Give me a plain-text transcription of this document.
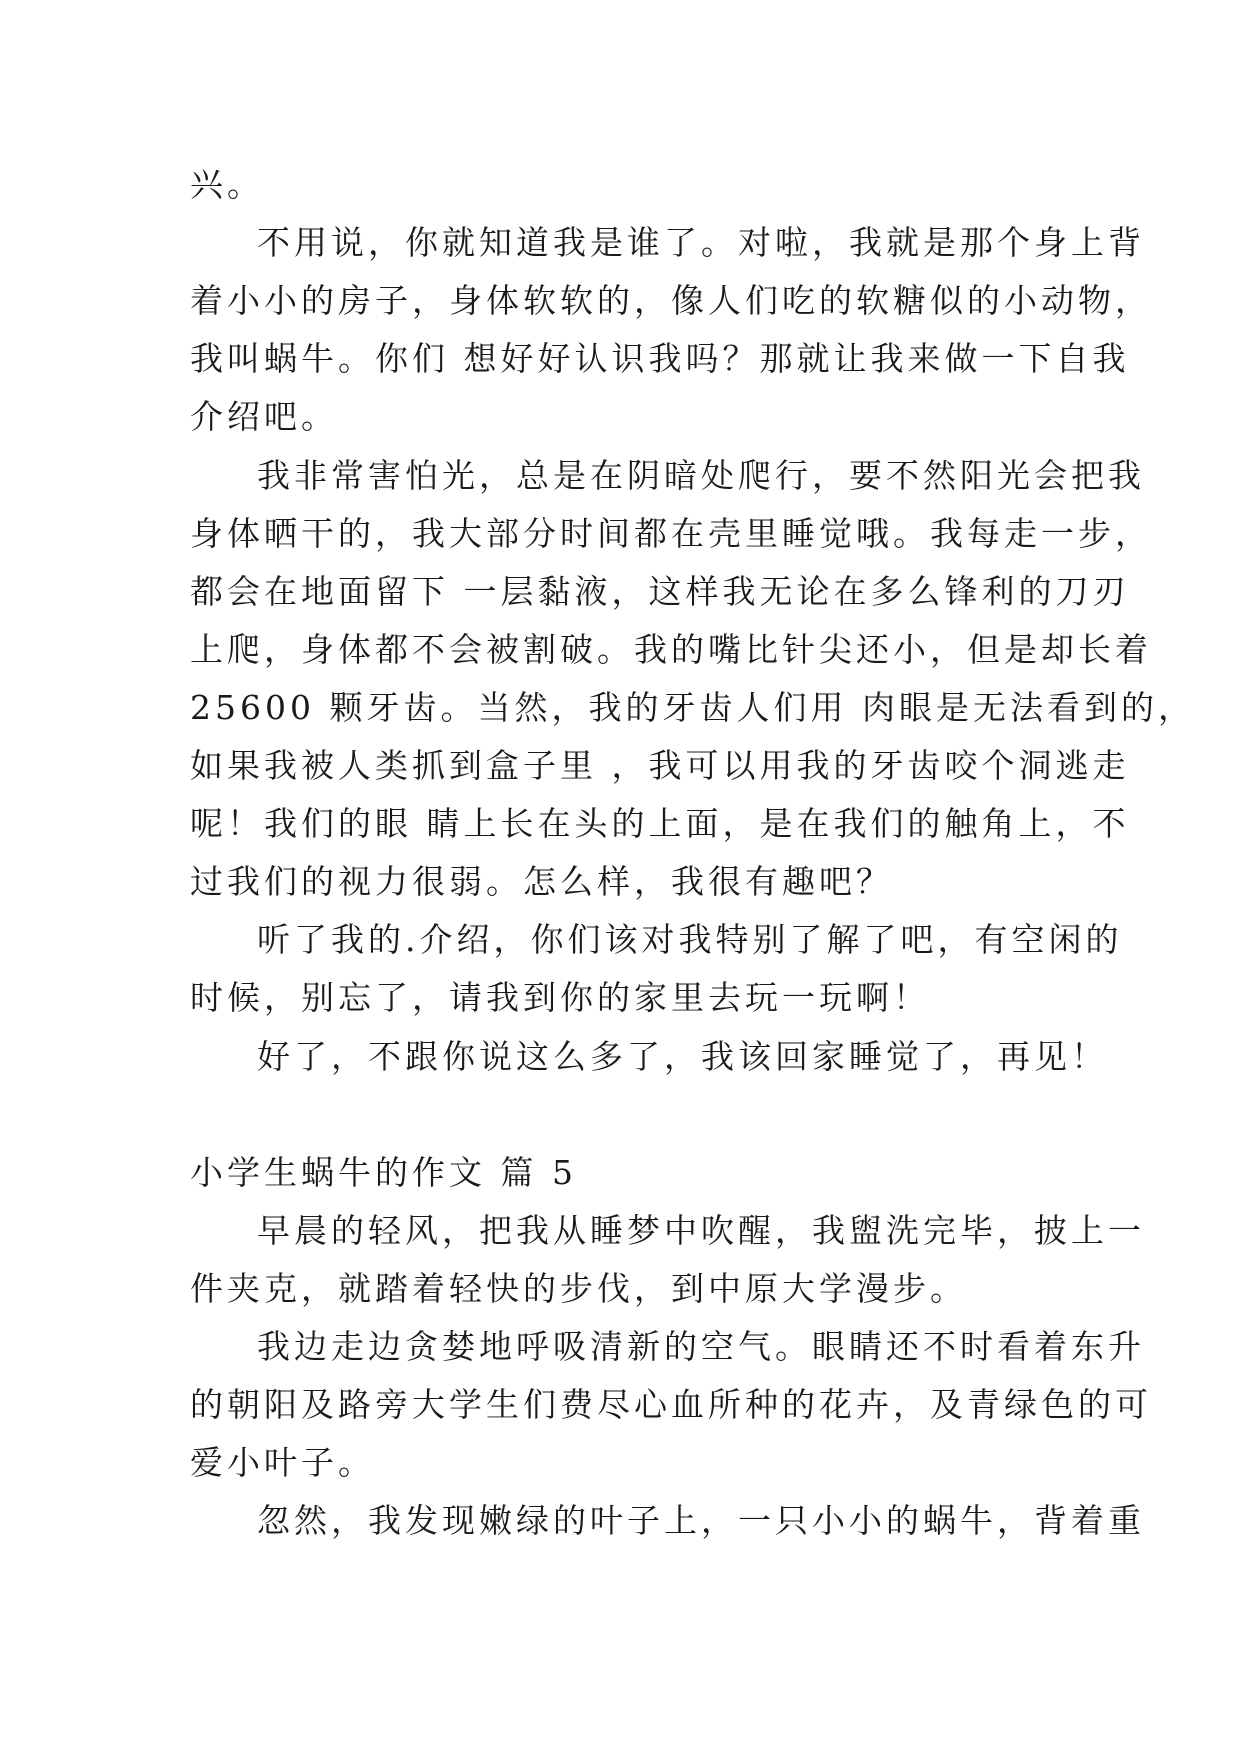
兴。
不用说，你就知道我是谁了。对啦，我就是那个身上背
着小小的房子，身体软软的，像人们吃的软糖似的小动物，
我叫蜗牛。你们 想好好认识我吗？那就让我来做一下自我
介绍吧。
我非常害怕光，总是在阴暗处爬行，要不然阳光会把我
身体晒干的，我大部分时间都在壳里睡觉哦。我每走一步，
都会在地面留下 一层黏液，这样我无论在多么锋利的刀刃
上爬，身体都不会被割破。我的嘴比针尖还小，但是却长着
25600 颗牙齿。当然，我的牙齿人们用 肉眼是无法看到的，
如果我被人类抓到盒子里 ，我可以用我的牙齿咬个洞逃走
呢！我们的眼 睛上长在头的上面，是在我们的触角上，不
过我们的视力很弱。怎么样，我很有趣吧？
听了我的.介绍，你们该对我特别了解了吧，有空闲的
时候，别忘了，请我到你的家里去玩一玩啊！
好了，不跟你说这么多了，我该回家睡觉了，再见！
小学生蜗牛的作文 篇 5
早晨的轻风，把我从睡梦中吹醒，我盥洗完毕，披上一
件夹克，就踏着轻快的步伐，到中原大学漫步。
我边走边贪婪地呼吸清新的空气。眼睛还不时看着东升
的朝阳及路旁大学生们费尽心血所种的花卉，及青绿色的可
爱小叶子。
忽然，我发现嫩绿的叶子上，一只小小的蜗牛，背着重
